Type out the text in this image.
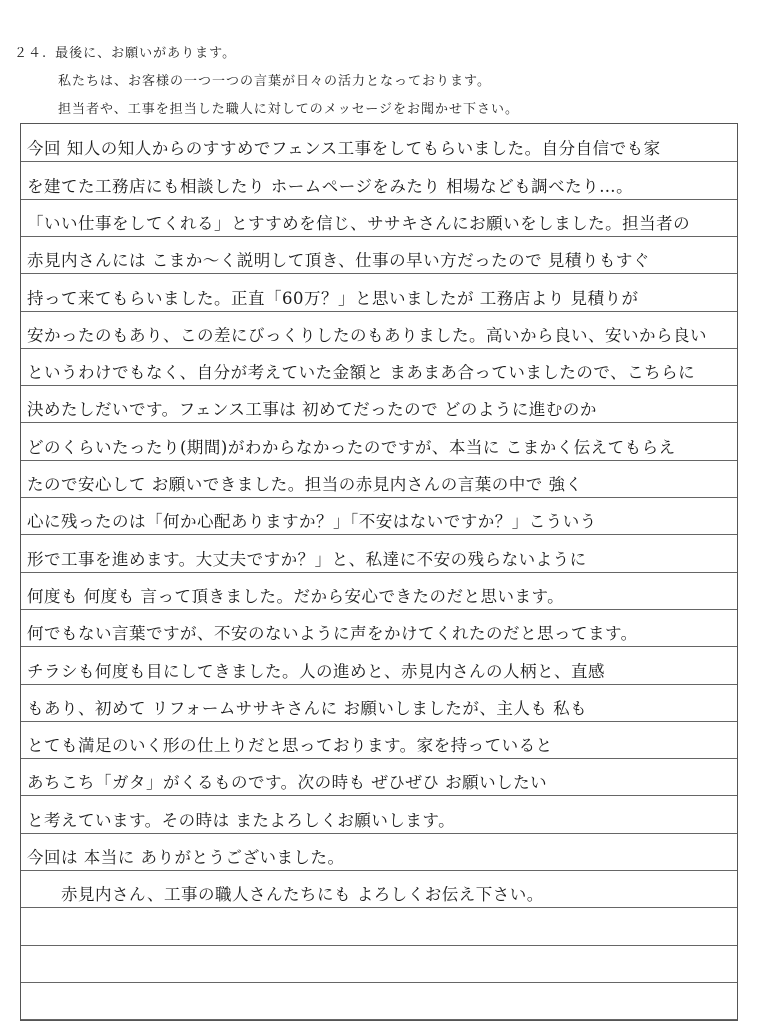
２４. 最後に、お願いがあります。
私たちは、お客様の一つ一つの言葉が日々の活力となっております。
担当者や、工事を担当した職人に対してのメッセージをお聞かせ下さい。
今回 知人の知人からのすすめでフェンス工事をしてもらいました。自分自信でも家
を建てた工務店にも相談したり ホームページをみたり 相場なども調べたり…。
「いい仕事をしてくれる」とすすめを信じ、ササキさんにお願いをしました。担当者の
赤見内さんには こまか～く説明して頂き、仕事の早い方だったので 見積りもすぐ
持って来てもらいました。正直「60万？」と思いましたが 工務店より 見積りが
安かったのもあり、この差にびっくりしたのもありました。高いから良い、安いから良い
というわけでもなく、自分が考えていた金額と まあまあ合っていましたので、こちらに
決めたしだいです。フェンス工事は 初めてだったので どのように進むのか
どのくらいたったり(期間)がわからなかったのですが、本当に こまかく伝えてもらえ
たので安心して お願いできました。担当の赤見内さんの言葉の中で 強く
心に残ったのは「何か心配ありますか？」「不安はないですか？」こういう
形で工事を進めます。大丈夫ですか？」と、私達に不安の残らないように
何度も 何度も 言って頂きました。だから安心できたのだと思います。
何でもない言葉ですが、不安のないように声をかけてくれたのだと思ってます。
チラシも何度も目にしてきました。人の進めと、赤見内さんの人柄と、直感
もあり、初めて リフォームササキさんに お願いしましたが、主人も 私も
とても満足のいく形の仕上りだと思っております。家を持っていると
あちこち「ガタ」がくるものです。次の時も ぜひぜひ お願いしたい
と考えています。その時は またよろしくお願いします。
今回は 本当に ありがとうございました。
　　赤見内さん、工事の職人さんたちにも よろしくお伝え下さい。
